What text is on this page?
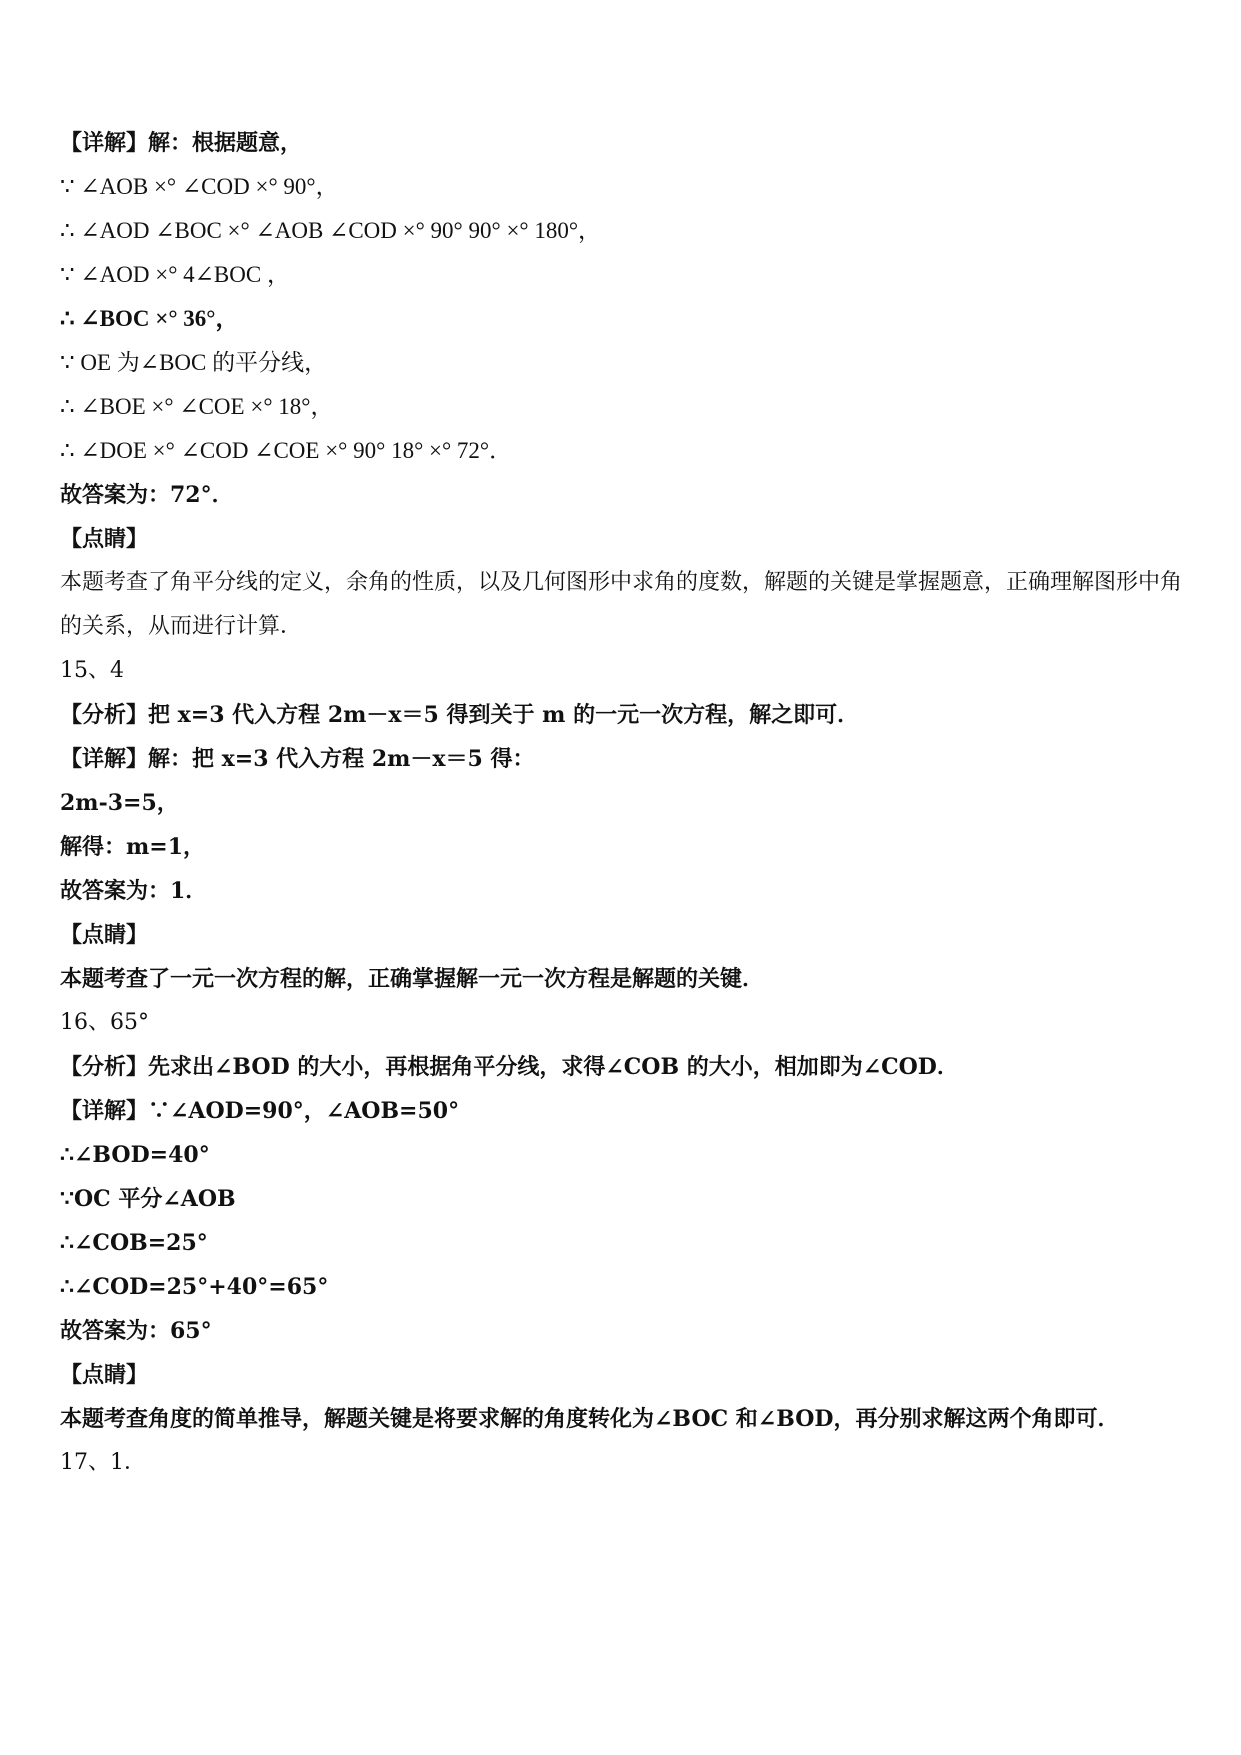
【详解】解：根据题意，
∵ ∠AOB ×° ∠COD ×° 90°，
∴ ∠AOD ∠BOC ×° ∠AOB ∠COD ×° 90° 90° ×° 180°，
∵ ∠AOD ×° 4∠BOC ，
∴ ∠BOC ×° 36°，
∵ OE 为∠BOC 的平分线，
∴ ∠BOE ×° ∠COE ×° 18°，
∴ ∠DOE ×° ∠COD ∠COE ×° 90° 18° ×° 72°．
故答案为：72°．
【点睛】
本题考查了角平分线的定义，余角的性质，以及几何图形中求角的度数，解题的关键是掌握题意，正确理解图形中角
的关系，从而进行计算．
15、4
【分析】把 x=3 代入方程 2m－x＝5 得到关于 m 的一元一次方程，解之即可．
【详解】解：把 x=3 代入方程 2m－x＝5 得：
2m-3=5，
解得：m=1，
故答案为：1．
【点睛】
本题考查了一元一次方程的解，正确掌握解一元一次方程是解题的关键．
16、65°
【分析】先求出∠BOD 的大小，再根据角平分线，求得∠COB 的大小，相加即为∠COD．
【详解】∵∠AOD=90°，∠AOB=50°
∴∠BOD=40°
∵OC 平分∠AOB
∴∠COB=25°
∴∠COD=25°+40°=65°
故答案为：65°
【点睛】
本题考查角度的简单推导，解题关键是将要求解的角度转化为∠BOC 和∠BOD，再分别求解这两个角即可．
17、1．
